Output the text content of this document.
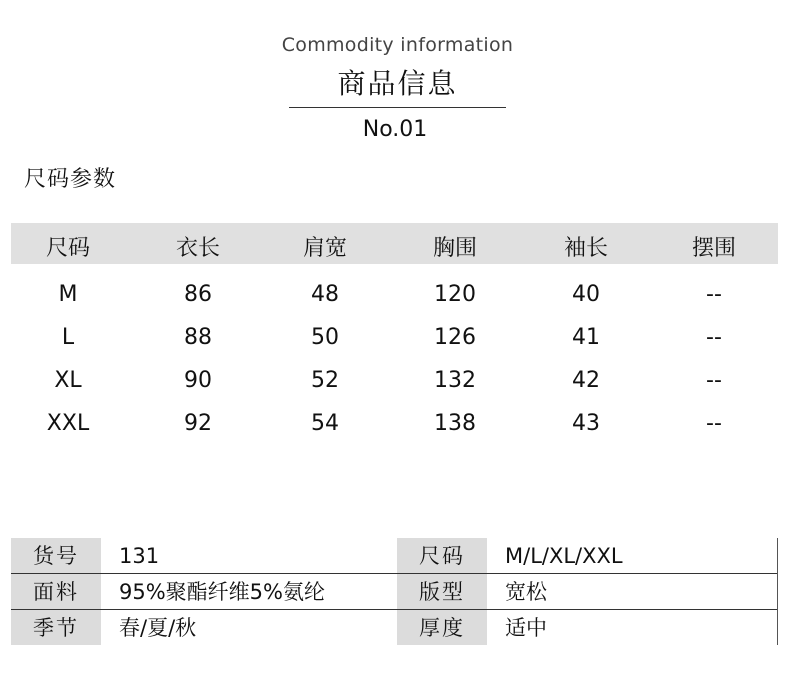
Commodity information
商品信息
No.01
尺码参数
尺码	衣长	肩宽	胸围	袖长	摆围
M	86	48	120	40	--
L	88	50	126	41	--
XL	90	52	132	42	--
XXL	92	54	138	43	--
货号	131	尺码	M/L/XL/XXL
面料	95%聚酯纤维5%氨纶	版型	宽松
季节	春/夏/秋	厚度	适中
